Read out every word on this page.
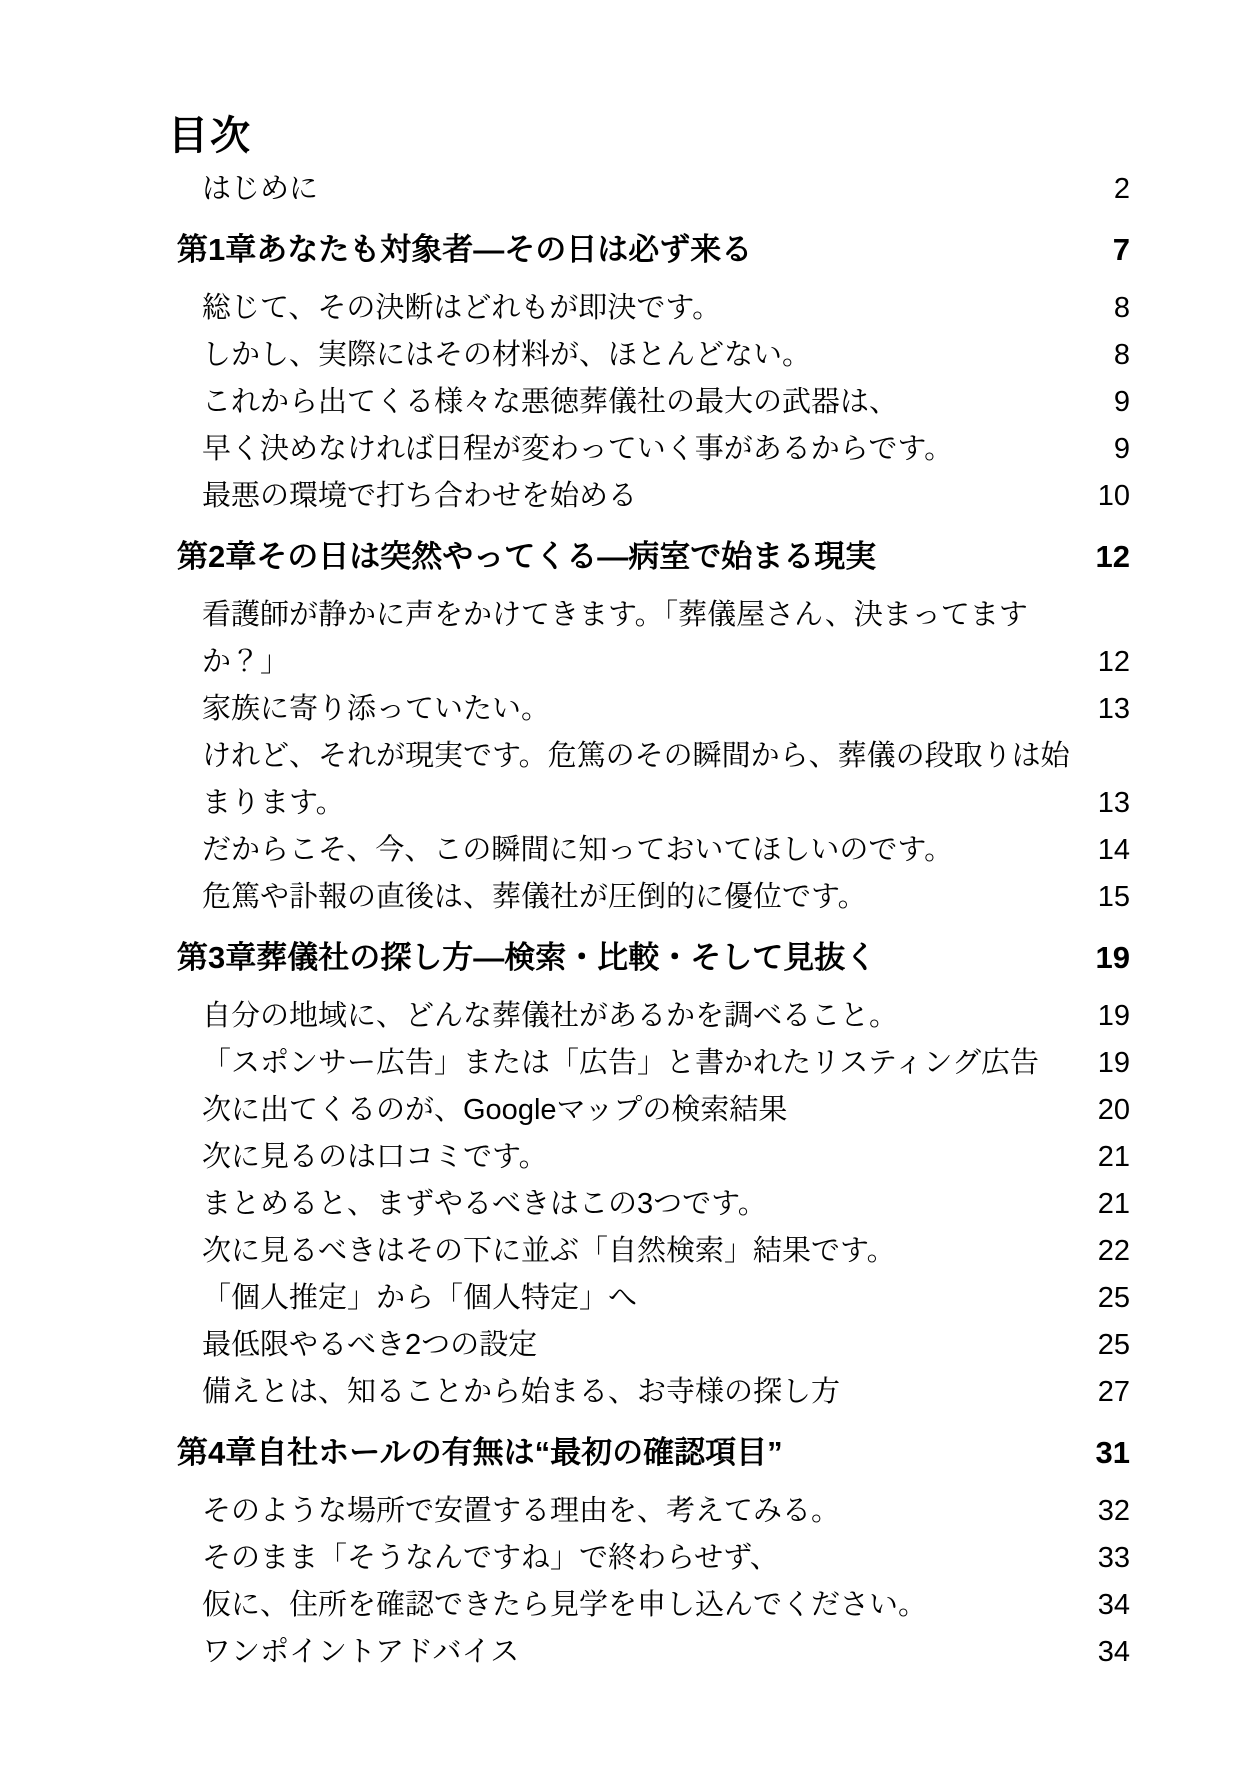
目次
はじめに	2
第1章あなたも対象者—その日は必ず来る	7
総じて、その決断はどれもが即決です。	8
しかし、実際にはその材料が、ほとんどない。	8
これから出てくる様々な悪徳葬儀社の最大の武器は、	9
早く決めなければ日程が変わっていく事があるからです。	9
最悪の環境で打ち合わせを始める	10
第2章その日は突然やってくる—病室で始まる現実	12
看護師が静かに声をかけてきます。「葬儀屋さん、決まってますか？」	12
家族に寄り添っていたい。	13
けれど、それが現実です。危篤のその瞬間から、葬儀の段取りは始まります。	13
だからこそ、今、この瞬間に知っておいてほしいのです。	14
危篤や訃報の直後は、葬儀社が圧倒的に優位です。	15
第3章葬儀社の探し方—検索・比較・そして見抜く	19
自分の地域に、どんな葬儀社があるかを調べること。	19
「スポンサー広告」または「広告」と書かれたリスティング広告	19
次に出てくるのが、Googleマップの検索結果	20
次に見るのは口コミです。	21
まとめると、まずやるべきはこの3つです。	21
次に見るべきはその下に並ぶ「自然検索」結果です。	22
「個人推定」から「個人特定」へ	25
最低限やるべき2つの設定	25
備えとは、知ることから始まる、お寺様の探し方	27
第4章自社ホールの有無は“最初の確認項目”	31
そのような場所で安置する理由を、考えてみる。	32
そのまま「そうなんですね」で終わらせず、	33
仮に、住所を確認できたら見学を申し込んでください。	34
ワンポイントアドバイス	34
